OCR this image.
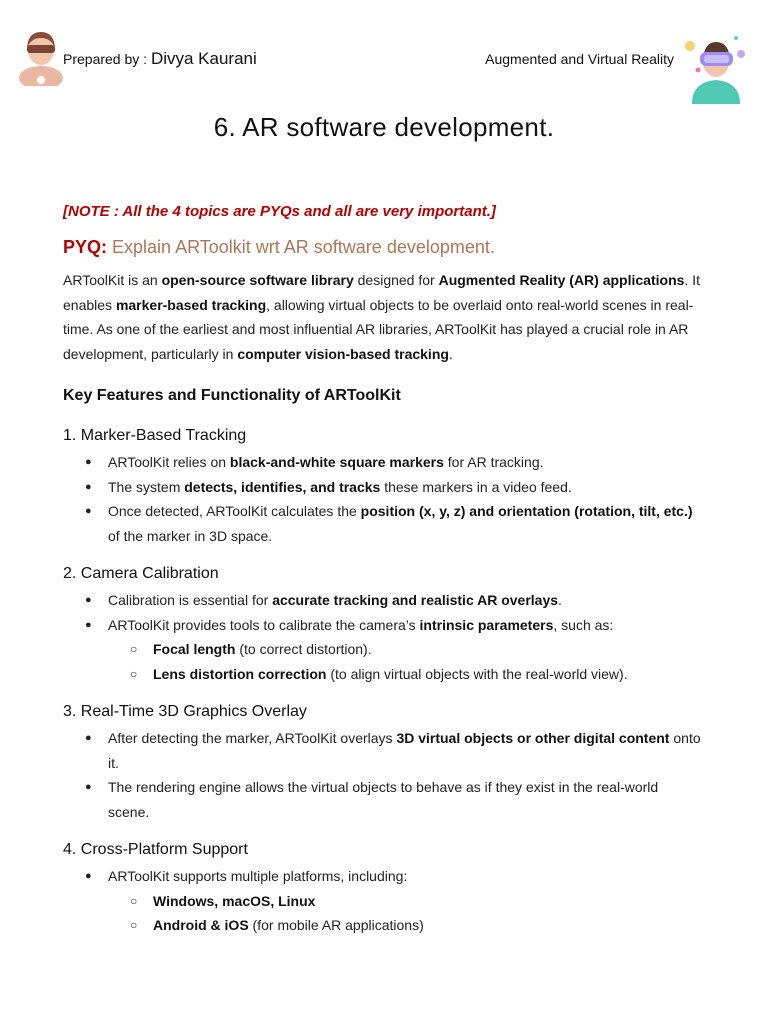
Prepared by : Divya Kaurani	Augmented and Virtual Reality
6. AR software development.

[NOTE : All the 4 topics are PYQs and all are very important.]

PYQ: Explain ARToolkit wrt AR software development.

ARToolKit is an open-source software library designed for Augmented Reality (AR) applications. It enables marker-based tracking, allowing virtual objects to be overlaid onto real-world scenes in real-time. As one of the earliest and most influential AR libraries, ARToolKit has played a crucial role in AR development, particularly in computer vision-based tracking.

Key Features and Functionality of ARToolKit
1. Marker-Based Tracking
● ARToolKit relies on black-and-white square markers for AR tracking.
● The system detects, identifies, and tracks these markers in a video feed.
● Once detected, ARToolKit calculates the position (x, y, z) and orientation (rotation, tilt, etc.) of the marker in 3D space.
2. Camera Calibration
● Calibration is essential for accurate tracking and realistic AR overlays.
● ARToolKit provides tools to calibrate the camera’s intrinsic parameters, such as:
○ Focal length (to correct distortion).
○ Lens distortion correction (to align virtual objects with the real-world view).
3. Real-Time 3D Graphics Overlay
● After detecting the marker, ARToolKit overlays 3D virtual objects or other digital content onto it.
● The rendering engine allows the virtual objects to behave as if they exist in the real-world scene.
4. Cross-Platform Support
● ARToolKit supports multiple platforms, including:
○ Windows, macOS, Linux
○ Android & iOS (for mobile AR applications)
